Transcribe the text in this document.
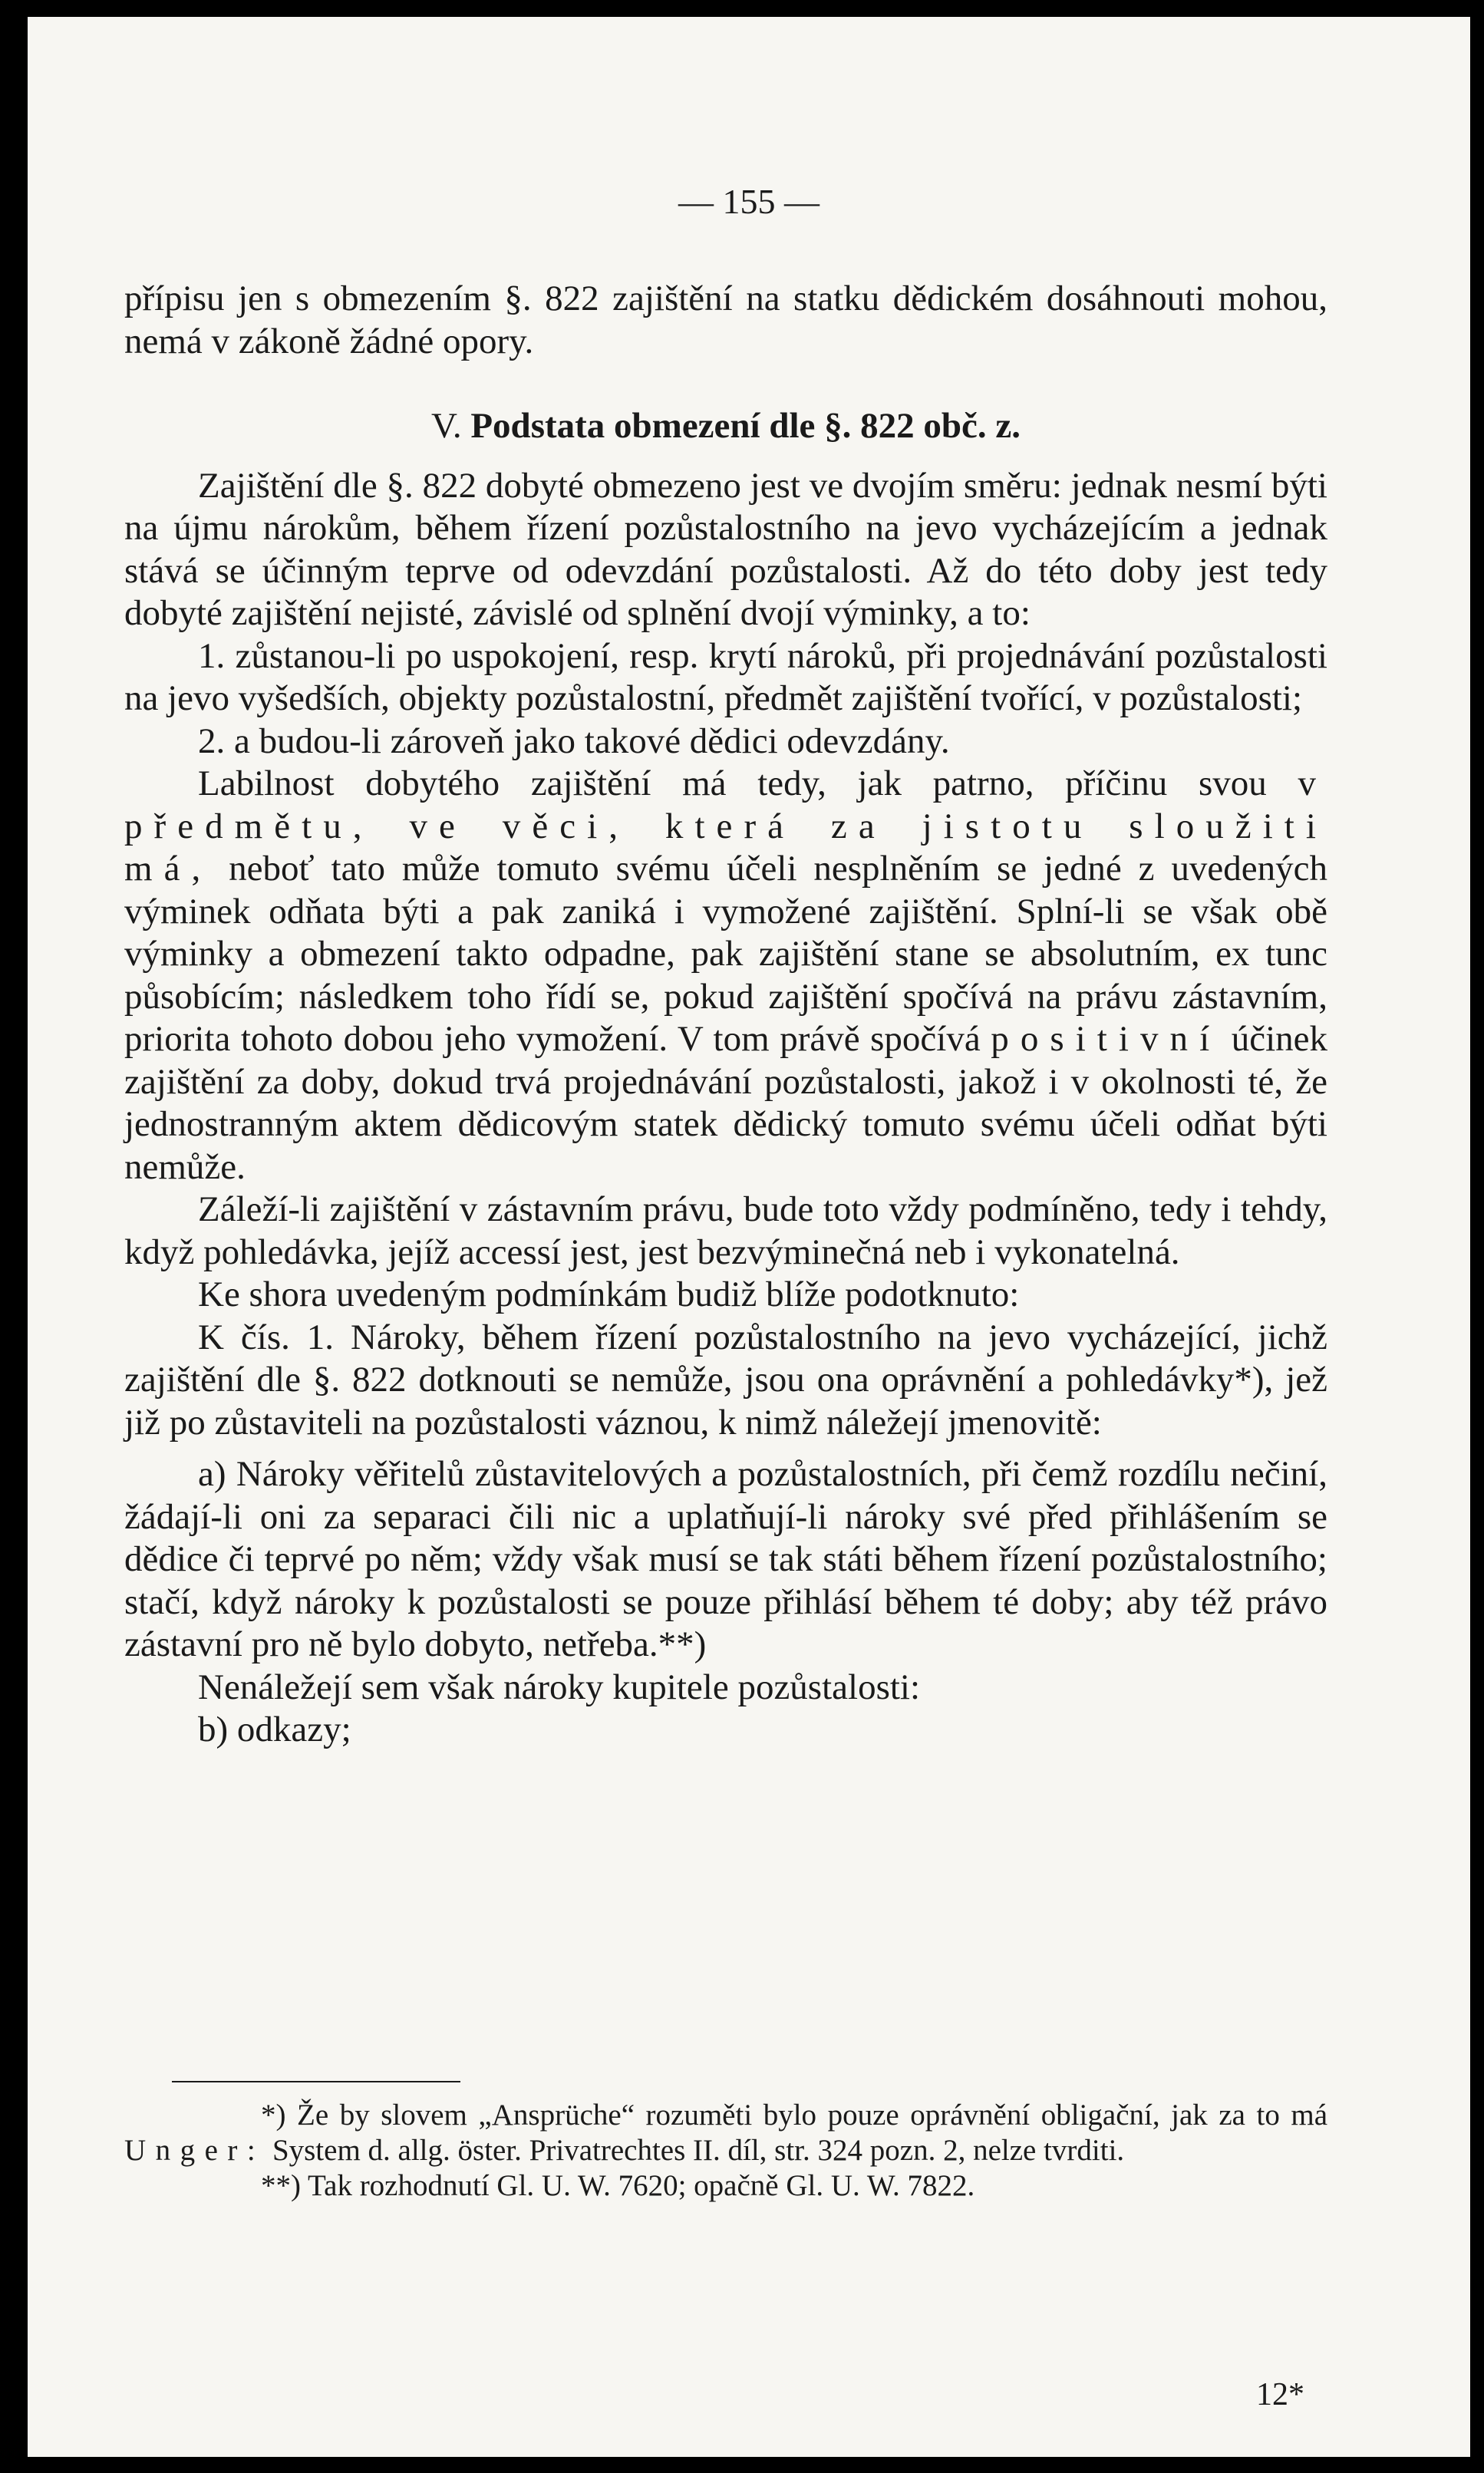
— 155 —

přípisu jen s obmezením §. 822 zajištění na statku dědickém dosáhnouti mohou, nemá v zákoně žádné opory.

V. Podstata obmezení dle §. 822 obč. z.

Zajištění dle §. 822 dobyté obmezeno jest ve dvojím směru: jednak nesmí býti na újmu nárokům, během řízení pozůstalostního na jevo vycházejícím a jednak stává se účinným teprve od odevzdání pozůstalosti. Až do této doby jest tedy dobyté zajištění nejisté, závislé od splnění dvojí výminky, a to:

1. zůstanou-li po uspokojení, resp. krytí nároků, při projednávání pozůstalosti na jevo vyšedších, objekty pozůstalostní, předmět zajištění tvořící, v pozůstalosti;

2. a budou-li zároveň jako takové dědici odevzdány.

Labilnost dobytého zajištění má tedy, jak patrno, příčinu svou v předmětu, ve věci, která za jistotu sloužiti má, neboť tato může tomuto svému účeli nesplněním se jedné z uvedených výminek odňata býti a pak zaniká i vymožené zajištění. Splní-li se však obě výminky a obmezení takto odpadne, pak zajištění stane se absolutním, ex tunc působícím; následkem toho řídí se, pokud zajištění spočívá na právu zástavním, priorita tohoto dobou jeho vymožení. V tom právě spočívá positivní účinek zajištění za doby, dokud trvá projednávání pozůstalosti, jakož i v okolnosti té, že jednostranným aktem dědicovým statek dědický tomuto svému účeli odňat býti nemůže.

Záleží-li zajištění v zástavním právu, bude toto vždy podmíněno, tedy i tehdy, když pohledávka, jejíž accessí jest, jest bezvýminečná neb i vykonatelná.

Ke shora uvedeným podmínkám budiž blíže podotknuto:

K čís. 1. Nároky, během řízení pozůstalostního na jevo vycházející, jichž zajištění dle §. 822 dotknouti se nemůže, jsou ona oprávnění a pohledávky*), jež již po zůstaviteli na pozůstalosti váznou, k nimž náležejí jmenovitě:

a) Nároky věřitelů zůstavitelových a pozůstalostních, při čemž rozdílu nečiní, žádají-li oni za separaci čili nic a uplatňují-li nároky své před přihlášením se dědice či teprvé po něm; vždy však musí se tak státi během řízení pozůstalostního; stačí, když nároky k pozůstalosti se pouze přihlásí během té doby; aby též právo zástavní pro ně bylo dobyto, netřeba.**)

Nenáležejí sem však nároky kupitele pozůstalosti:

b) odkazy;

*) Že by slovem „Ansprüche“ rozuměti bylo pouze oprávnění obligační, jak za to má Unger: System d. allg. öster. Privatrechtes II. díl, str. 324 pozn. 2, nelze tvrditi.

**) Tak rozhodnutí Gl. U. W. 7620; opačně Gl. U. W. 7822.

12*
